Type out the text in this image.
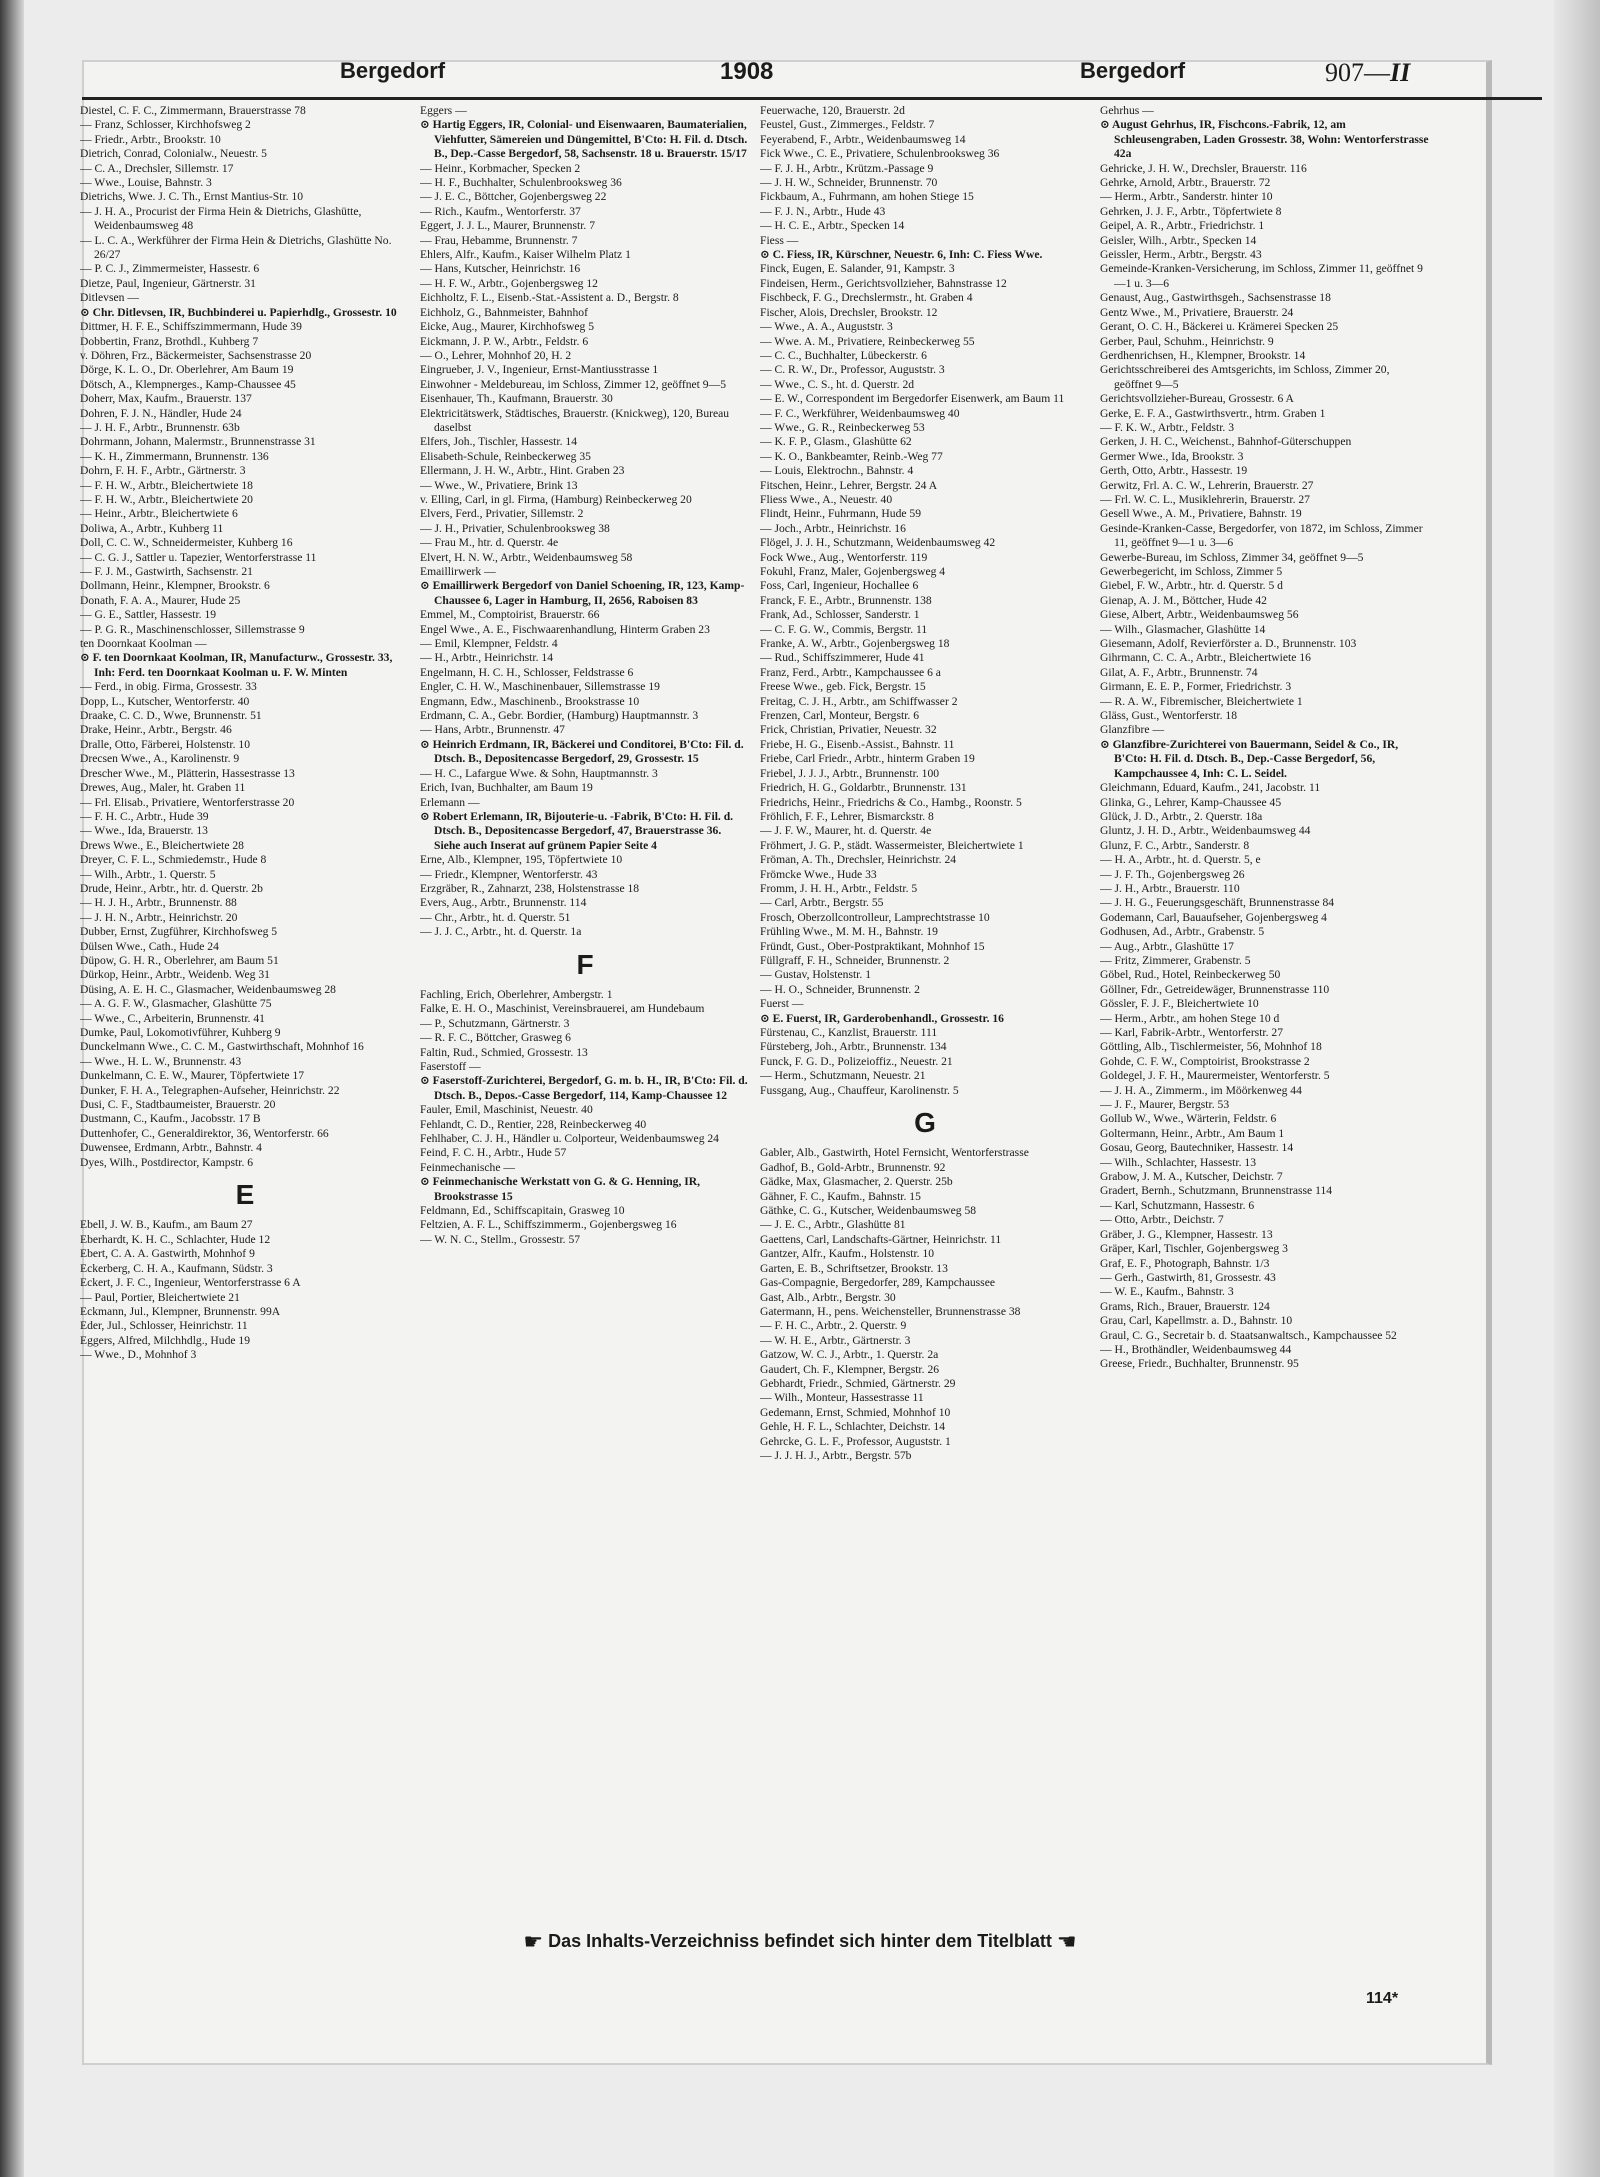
Bergedorf	1908	Bergedorf	907—II

Diestel, C. F. C., Zimmermann, Brauerstrasse 78

— Franz, Schlosser, Kirchhofsweg 2

— Friedr., Arbtr., Brookstr. 10

Dietrich, Conrad, Colonialw., Neuestr. 5

— C. A., Drechsler, Sillemstr. 17

— Wwe., Louise, Bahnstr. 3

Dietrichs, Wwe. J. C. Th., Ernst Mantius-Str. 10

— J. H. A., Procurist der Firma Hein & Dietrichs, Glashütte, Weidenbaumsweg 48

— L. C. A., Werkführer der Firma Hein & Dietrichs, Glashütte No. 26/27

— P. C. J., Zimmermeister, Hassestr. 6

Dietze, Paul, Ingenieur, Gärtnerstr. 31

Ditlevsen —

⊙ Chr. Ditlevsen, IR, Buchbinderei u. Papierhdlg., Grossestr. 10

Dittmer, H. F. E., Schiffszimmermann, Hude 39

Dobbertin, Franz, Brothdl., Kuhberg 7

v. Döhren, Frz., Bäckermeister, Sachsenstrasse 20

Dörge, K. L. O., Dr. Oberlehrer, Am Baum 19

Dötsch, A., Klempnerges., Kamp-Chaussee 45

Doherr, Max, Kaufm., Brauerstr. 137

Dohren, F. J. N., Händler, Hude 24

— J. H. F., Arbtr., Brunnenstr. 63b

Dohrmann, Johann, Malermstr., Brunnenstrasse 31

— K. H., Zimmermann, Brunnenstr. 136

Dohrn, F. H. F., Arbtr., Gärtnerstr. 3

— F. H. W., Arbtr., Bleichertwiete 18

— F. H. W., Arbtr., Bleichertwiete 20

— Heinr., Arbtr., Bleichertwiete 6

Doliwa, A., Arbtr., Kuhberg 11

Doll, C. C. W., Schneidermeister, Kuhberg 16

— C. G. J., Sattler u. Tapezier, Wentorferstrasse 11

— F. J. M., Gastwirth, Sachsenstr. 21

Dollmann, Heinr., Klempner, Brookstr. 6

Donath, F. A. A., Maurer, Hude 25

— G. E., Sattler, Hassestr. 19

— P. G. R., Maschinenschlosser, Sillemstrasse 9

ten Doornkaat Koolman —

⊙ F. ten Doornkaat Koolman, IR, Manufacturw., Grossestr. 33, Inh: Ferd. ten Doornkaat Koolman u. F. W. Minten

— Ferd., in obig. Firma, Grossestr. 33

Dopp, L., Kutscher, Wentorferstr. 40

Draake, C. C. D., Wwe, Brunnenstr. 51

Drake, Heinr., Arbtr., Bergstr. 46

Dralle, Otto, Färberei, Holstenstr. 10

Drecsen Wwe., A., Karolinenstr. 9

Drescher Wwe., M., Plätterin, Hassestrasse 13

Drewes, Aug., Maler, ht. Graben 11

— Frl. Elisab., Privatiere, Wentorferstrasse 20

— F. H. C., Arbtr., Hude 39

— Wwe., Ida, Brauerstr. 13

Drews Wwe., E., Bleichertwiete 28

Dreyer, C. F. L., Schmiedemstr., Hude 8

— Wilh., Arbtr., 1. Querstr. 5

Drude, Heinr., Arbtr., htr. d. Querstr. 2b

— H. J. H., Arbtr., Brunnenstr. 88

— J. H. N., Arbtr., Heinrichstr. 20

Dubber, Ernst, Zugführer, Kirchhofsweg 5

Dülsen Wwe., Cath., Hude 24

Düpow, G. H. R., Oberlehrer, am Baum 51

Dürkop, Heinr., Arbtr., Weidenb. Weg 31

Düsing, A. E. H. C., Glasmacher, Weidenbaumsweg 28

— A. G. F. W., Glasmacher, Glashütte 75

— Wwe., C., Arbeiterin, Brunnenstr. 41

Dumke, Paul, Lokomotivführer, Kuhberg 9

Dunckelmann Wwe., C. C. M., Gastwirthschaft, Mohnhof 16

— Wwe., H. L. W., Brunnenstr. 43

Dunkelmann, C. E. W., Maurer, Töpfertwiete 17

Dunker, F. H. A., Telegraphen-Aufseher, Heinrichstr. 22

Dusi, C. F., Stadtbaumeister, Brauerstr. 20

Dustmann, C., Kaufm., Jacobsstr. 17 B

Duttenhofer, C., Generaldirektor, 36, Wentorferstr. 66

Duwensee, Erdmann, Arbtr., Bahnstr. 4

Dyes, Wilh., Postdirector, Kampstr. 6

E

Ebell, J. W. B., Kaufm., am Baum 27

Eberhardt, K. H. C., Schlachter, Hude 12

Ebert, C. A. A. Gastwirth, Mohnhof 9

Eckerberg, C. H. A., Kaufmann, Südstr. 3

Eckert, J. F. C., Ingenieur, Wentorferstrasse 6 A

— Paul, Portier, Bleichertwiete 21

Eckmann, Jul., Klempner, Brunnenstr. 99A

Eder, Jul., Schlosser, Heinrichstr. 11

Eggers, Alfred, Milchhdlg., Hude 19

— Wwe., D., Mohnhof 3

Eggers —

⊙ Hartig Eggers, IR, Colonial- und Eisenwaaren, Baumaterialien, Viehfutter, Sämereien und Düngemittel, B'Cto: H. Fil. d. Dtsch. B., Dep.-Casse Bergedorf, 58, Sachsenstr. 18 u. Brauerstr. 15/17

— Heinr., Korbmacher, Specken 2

— H. F., Buchhalter, Schulenbrooksweg 36

— J. E. C., Böttcher, Gojenbergsweg 22

— Rich., Kaufm., Wentorferstr. 37

Eggert, J. J. L., Maurer, Brunnenstr. 7

— Frau, Hebamme, Brunnenstr. 7

Ehlers, Alfr., Kaufm., Kaiser Wilhelm Platz 1

— Hans, Kutscher, Heinrichstr. 16

— H. F. W., Arbtr., Gojenbergsweg 12

Eichholtz, F. L., Eisenb.-Stat.-Assistent a. D., Bergstr. 8

Eichholz, G., Bahnmeister, Bahnhof

Eicke, Aug., Maurer, Kirchhofsweg 5

Eickmann, J. P. W., Arbtr., Feldstr. 6

— O., Lehrer, Mohnhof 20, H. 2

Eingrueber, J. V., Ingenieur, Ernst-Mantiusstrasse 1

Einwohner - Meldebureau, im Schloss, Zimmer 12, geöffnet 9—5

Eisenhauer, Th., Kaufmann, Brauerstr. 30

Elektricitätswerk, Städtisches, Brauerstr. (Knickweg), 120, Bureau daselbst

Elfers, Joh., Tischler, Hassestr. 14

Elisabeth-Schule, Reinbeckerweg 35

Ellermann, J. H. W., Arbtr., Hint. Graben 23

— Wwe., W., Privatiere, Brink 13

v. Elling, Carl, in gl. Firma, (Hamburg) Reinbeckerweg 20

Elvers, Ferd., Privatier, Sillemstr. 2

— J. H., Privatier, Schulenbrooksweg 38

— Frau M., htr. d. Querstr. 4e

Elvert, H. N. W., Arbtr., Weidenbaumsweg 58

Emaillirwerk —

⊙ Emaillirwerk Bergedorf von Daniel Schoening, IR, 123, Kamp-Chaussee 6, Lager in Hamburg, II, 2656, Raboisen 83

Emmel, M., Comptoirist, Brauerstr. 66

Engel Wwe., A. E., Fischwaarenhandlung, Hinterm Graben 23

— Emil, Klempner, Feldstr. 4

— H., Arbtr., Heinrichstr. 14

Engelmann, H. C. H., Schlosser, Feldstrasse 6

Engler, C. H. W., Maschinenbauer, Sillemstrasse 19

Engmann, Edw., Maschinenb., Brookstrasse 10

Erdmann, C. A., Gebr. Bordier, (Hamburg) Hauptmannstr. 3

— Hans, Arbtr., Brunnenstr. 47

⊙ Heinrich Erdmann, IR, Bäckerei und Conditorei, B'Cto: Fil. d. Dtsch. B., Depositencasse Bergedorf, 29, Grossestr. 15

— H. C., Lafargue Wwe. & Sohn, Hauptmannstr. 3

Erich, Ivan, Buchhalter, am Baum 19

Erlemann —

⊙ Robert Erlemann, IR, Bijouterie-u. -Fabrik, B'Cto: H. Fil. d. Dtsch. B., Depositencasse Bergedorf, 47, Brauerstrasse 36. Siehe auch Inserat auf grünem Papier Seite 4

Erne, Alb., Klempner, 195, Töpfertwiete 10

— Friedr., Klempner, Wentorferstr. 43

Erzgräber, R., Zahnarzt, 238, Holstenstrasse 18

Evers, Aug., Arbtr., Brunnenstr. 114

— Chr., Arbtr., ht. d. Querstr. 51

— J. J. C., Arbtr., ht. d. Querstr. 1a

F

Fachling, Erich, Oberlehrer, Ambergstr. 1

Falke, E. H. O., Maschinist, Vereinsbrauerei, am Hundebaum

— P., Schutzmann, Gärtnerstr. 3

— R. F. C., Böttcher, Grasweg 6

Faltin, Rud., Schmied, Grossestr. 13

Faserstoff —

⊙ Faserstoff-Zurichterei, Bergedorf, G. m. b. H., IR, B'Cto: Fil. d. Dtsch. B., Depos.-Casse Bergedorf, 114, Kamp-Chaussee 12

Fauler, Emil, Maschinist, Neuestr. 40

Fehlandt, C. D., Rentier, 228, Reinbeckerweg 40

Fehlhaber, C. J. H., Händler u. Colporteur, Weidenbaumsweg 24

Feind, F. C. H., Arbtr., Hude 57

Feinmechanische —

⊙ Feinmechanische Werkstatt von G. & G. Henning, IR, Brookstrasse 15

Feldmann, Ed., Schiffscapitain, Grasweg 10

Feltzien, A. F. L., Schiffszimmerm., Gojenbergsweg 16

— W. N. C., Stellm., Grossestr. 57

Feuerwache, 120, Brauerstr. 2d

Feustel, Gust., Zimmerges., Feldstr. 7

Feyerabend, F., Arbtr., Weidenbaumsweg 14

Fick Wwe., C. E., Privatiere, Schulenbrooksweg 36

— F. J. H., Arbtr., Krützm.-Passage 9

— J. H. W., Schneider, Brunnenstr. 70

Fickbaum, A., Fuhrmann, am hohen Stiege 15

— F. J. N., Arbtr., Hude 43

— H. C. E., Arbtr., Specken 14

Fiess —

⊙ C. Fiess, IR, Kürschner, Neuestr. 6, Inh: C. Fiess Wwe.

Finck, Eugen, E. Salander, 91, Kampstr. 3

Findeisen, Herm., Gerichtsvollzieher, Bahnstrasse 12

Fischbeck, F. G., Drechslermstr., ht. Graben 4

Fischer, Alois, Drechsler, Brookstr. 12

— Wwe., A. A., Auguststr. 3

— Wwe. A. M., Privatiere, Reinbeckerweg 55

— C. C., Buchhalter, Lübeckerstr. 6

— C. R. W., Dr., Professor, Auguststr. 3

— Wwe., C. S., ht. d. Querstr. 2d

— E. W., Correspondent im Bergedorfer Eisenwerk, am Baum 11

— F. C., Werkführer, Weidenbaumsweg 40

— Wwe., G. R., Reinbeckerweg 53

— K. F. P., Glasm., Glashütte 62

— K. O., Bankbeamter, Reinb.-Weg 77

— Louis, Elektrochn., Bahnstr. 4

Fitschen, Heinr., Lehrer, Bergstr. 24 A

Fliess Wwe., A., Neuestr. 40

Flindt, Heinr., Fuhrmann, Hude 59

— Joch., Arbtr., Heinrichstr. 16

Flögel, J. J. H., Schutzmann, Weidenbaumsweg 42

Fock Wwe., Aug., Wentorferstr. 119

Fokuhl, Franz, Maler, Gojenbergsweg 4

Foss, Carl, Ingenieur, Hochallee 6

Franck, F. E., Arbtr., Brunnenstr. 138

Frank, Ad., Schlosser, Sanderstr. 1

— C. F. G. W., Commis, Bergstr. 11

Franke, A. W., Arbtr., Gojenbergsweg 18

— Rud., Schiffszimmerer, Hude 41

Franz, Ferd., Arbtr., Kampchaussee 6 a

Freese Wwe., geb. Fick, Bergstr. 15

Freitag, C. J. H., Arbtr., am Schiffwasser 2

Frenzen, Carl, Monteur, Bergstr. 6

Frick, Christian, Privatier, Neuestr. 32

Friebe, H. G., Eisenb.-Assist., Bahnstr. 11

Friebe, Carl Friedr., Arbtr., hinterm Graben 19

Friebel, J. J. J., Arbtr., Brunnenstr. 100

Friedrich, H. G., Goldarbtr., Brunnenstr. 131

Friedrichs, Heinr., Friedrichs & Co., Hambg., Roonstr. 5

Fröhlich, F. F., Lehrer, Bismarckstr. 8

— J. F. W., Maurer, ht. d. Querstr. 4e

Fröhmert, J. G. P., städt. Wassermeister, Bleichertwiete 1

Fröman, A. Th., Drechsler, Heinrichstr. 24

Frömcke Wwe., Hude 33

Fromm, J. H. H., Arbtr., Feldstr. 5

— Carl, Arbtr., Bergstr. 55

Frosch, Oberzollcontrolleur, Lamprechtstrasse 10

Frühling Wwe., M. M. H., Bahnstr. 19

Fründt, Gust., Ober-Postpraktikant, Mohnhof 15

Füllgraff, F. H., Schneider, Brunnenstr. 2

— Gustav, Holstenstr. 1

— H. O., Schneider, Brunnenstr. 2

Fuerst —

⊙ E. Fuerst, IR, Garderobenhandl., Grossestr. 16

Fürstenau, C., Kanzlist, Brauerstr. 111

Fürsteberg, Joh., Arbtr., Brunnenstr. 134

Funck, F. G. D., Polizeioffiz., Neuestr. 21

— Herm., Schutzmann, Neuestr. 21

Fussgang, Aug., Chauffeur, Karolinenstr. 5

G

Gabler, Alb., Gastwirth, Hotel Fernsicht, Wentorferstrasse

Gadhof, B., Gold-Arbtr., Brunnenstr. 92

Gädke, Max, Glasmacher, 2. Querstr. 25b

Gähner, F. C., Kaufm., Bahnstr. 15

Gäthke, C. G., Kutscher, Weidenbaumsweg 58

— J. E. C., Arbtr., Glashütte 81

Gaettens, Carl, Landschafts-Gärtner, Heinrichstr. 11

Gantzer, Alfr., Kaufm., Holstenstr. 10

Garten, E. B., Schriftsetzer, Brookstr. 13

Gas-Compagnie, Bergedorfer, 289, Kampchaussee

Gast, Alb., Arbtr., Bergstr. 30

Gatermann, H., pens. Weichensteller, Brunnenstrasse 38

— F. H. C., Arbtr., 2. Querstr. 9

— W. H. E., Arbtr., Gärtnerstr. 3

Gatzow, W. C. J., Arbtr., 1. Querstr. 2a

Gaudert, Ch. F., Klempner, Bergstr. 26

Gebhardt, Friedr., Schmied, Gärtnerstr. 29

— Wilh., Monteur, Hassestrasse 11

Gedemann, Ernst, Schmied, Mohnhof 10

Gehle, H. F. L., Schlachter, Deichstr. 14

Gehrcke, G. L. F., Professor, Auguststr. 1

— J. J. H. J., Arbtr., Bergstr. 57b

Gehrhus —

⊙ August Gehrhus, IR, Fischcons.-Fabrik, 12, am Schleusengraben, Laden Grossestr. 38, Wohn: Wentorferstrasse 42a

Gehricke, J. H. W., Drechsler, Brauerstr. 116

Gehrke, Arnold, Arbtr., Brauerstr. 72

— Herm., Arbtr., Sanderstr. hinter 10

Gehrken, J. J. F., Arbtr., Töpfertwiete 8

Geipel, A. R., Arbtr., Friedrichstr. 1

Geisler, Wilh., Arbtr., Specken 14

Geissler, Herm., Arbtr., Bergstr. 43

Gemeinde-Kranken-Versicherung, im Schloss, Zimmer 11, geöffnet 9—1 u. 3—6

Genaust, Aug., Gastwirthsgeh., Sachsenstrasse 18

Gentz Wwe., M., Privatiere, Brauerstr. 24

Gerant, O. C. H., Bäckerei u. Krämerei Specken 25

Gerber, Paul, Schuhm., Heinrichstr. 9

Gerdhenrichsen, H., Klempner, Brookstr. 14

Gerichtsschreiberei des Amtsgerichts, im Schloss, Zimmer 20, geöffnet 9—5

Gerichtsvollzieher-Bureau, Grossestr. 6 A

Gerke, E. F. A., Gastwirthsvertr., htrm. Graben 1

— F. K. W., Arbtr., Feldstr. 3

Gerken, J. H. C., Weichenst., Bahnhof-Güterschuppen

Germer Wwe., Ida, Brookstr. 3

Gerth, Otto, Arbtr., Hassestr. 19

Gerwitz, Frl. A. C. W., Lehrerin, Brauerstr. 27

— Frl. W. C. L., Musiklehrerin, Brauerstr. 27

Gesell Wwe., A. M., Privatiere, Bahnstr. 19

Gesinde-Kranken-Casse, Bergedorfer, von 1872, im Schloss, Zimmer 11, geöffnet 9—1 u. 3—6

Gewerbe-Bureau, im Schloss, Zimmer 34, geöffnet 9—5

Gewerbegericht, im Schloss, Zimmer 5

Giebel, F. W., Arbtr., htr. d. Querstr. 5 d

Gienap, A. J. M., Böttcher, Hude 42

Giese, Albert, Arbtr., Weidenbaumsweg 56

— Wilh., Glasmacher, Glashütte 14

Giesemann, Adolf, Revierförster a. D., Brunnenstr. 103

Gihrmann, C. C. A., Arbtr., Bleichertwiete 16

Gilat, A. F., Arbtr., Brunnenstr. 74

Girmann, E. E. P., Former, Friedrichstr. 3

— R. A. W., Fibremischer, Bleichertwiete 1

Gläss, Gust., Wentorferstr. 18

Glanzfibre —

⊙ Glanzfibre-Zurichterei von Bauermann, Seidel & Co., IR, B'Cto: H. Fil. d. Dtsch. B., Dep.-Casse Bergedorf, 56, Kampchaussee 4, Inh: C. L. Seidel.

Gleichmann, Eduard, Kaufm., 241, Jacobstr. 11

Glinka, G., Lehrer, Kamp-Chaussee 45

Glück, J. D., Arbtr., 2. Querstr. 18a

Gluntz, J. H. D., Arbtr., Weidenbaumsweg 44

Glunz, F. C., Arbtr., Sanderstr. 8

— H. A., Arbtr., ht. d. Querstr. 5, e

— J. F. Th., Gojenbergsweg 26

— J. H., Arbtr., Brauerstr. 110

— J. H. G., Feuerungsgeschäft, Brunnenstrasse 84

Godemann, Carl, Bauaufseher, Gojenbergsweg 4

Godhusen, Ad., Arbtr., Grabenstr. 5

— Aug., Arbtr., Glashütte 17

— Fritz, Zimmerer, Grabenstr. 5

Göbel, Rud., Hotel, Reinbeckerweg 50

Göllner, Fdr., Getreidewäger, Brunnenstrasse 110

Gössler, F. J. F., Bleichertwiete 10

— Herm., Arbtr., am hohen Stege 10 d

— Karl, Fabrik-Arbtr., Wentorferstr. 27

Göttling, Alb., Tischlermeister, 56, Mohnhof 18

Gohde, C. F. W., Comptoirist, Brookstrasse 2

Goldegel, J. F. H., Maurermeister, Wentorferstr. 5

— J. H. A., Zimmerm., im Möörkenweg 44

— J. F., Maurer, Bergstr. 53

Gollub W., Wwe., Wärterin, Feldstr. 6

Goltermann, Heinr., Arbtr., Am Baum 1

Gosau, Georg, Bautechniker, Hassestr. 14

— Wilh., Schlachter, Hassestr. 13

Grabow, J. M. A., Kutscher, Deichstr. 7

Gradert, Bernh., Schutzmann, Brunnenstrasse 114

— Karl, Schutzmann, Hassestr. 6

— Otto, Arbtr., Deichstr. 7

Gräber, J. G., Klempner, Hassestr. 13

Gräper, Karl, Tischler, Gojenbergsweg 3

Graf, E. F., Photograph, Bahnstr. 1/3

— Gerh., Gastwirth, 81, Grossestr. 43

— W. E., Kaufm., Bahnstr. 3

Grams, Rich., Brauer, Brauerstr. 124

Grau, Carl, Kapellmstr. a. D., Bahnstr. 10

Graul, C. G., Secretair b. d. Staatsanwaltsch., Kampchaussee 52

— H., Brothändler, Weidenbaumsweg 44

Greese, Friedr., Buchhalter, Brunnenstr. 95

☛ Das Inhalts-Verzeichniss befindet sich hinter dem Titelblatt ☚
114*
